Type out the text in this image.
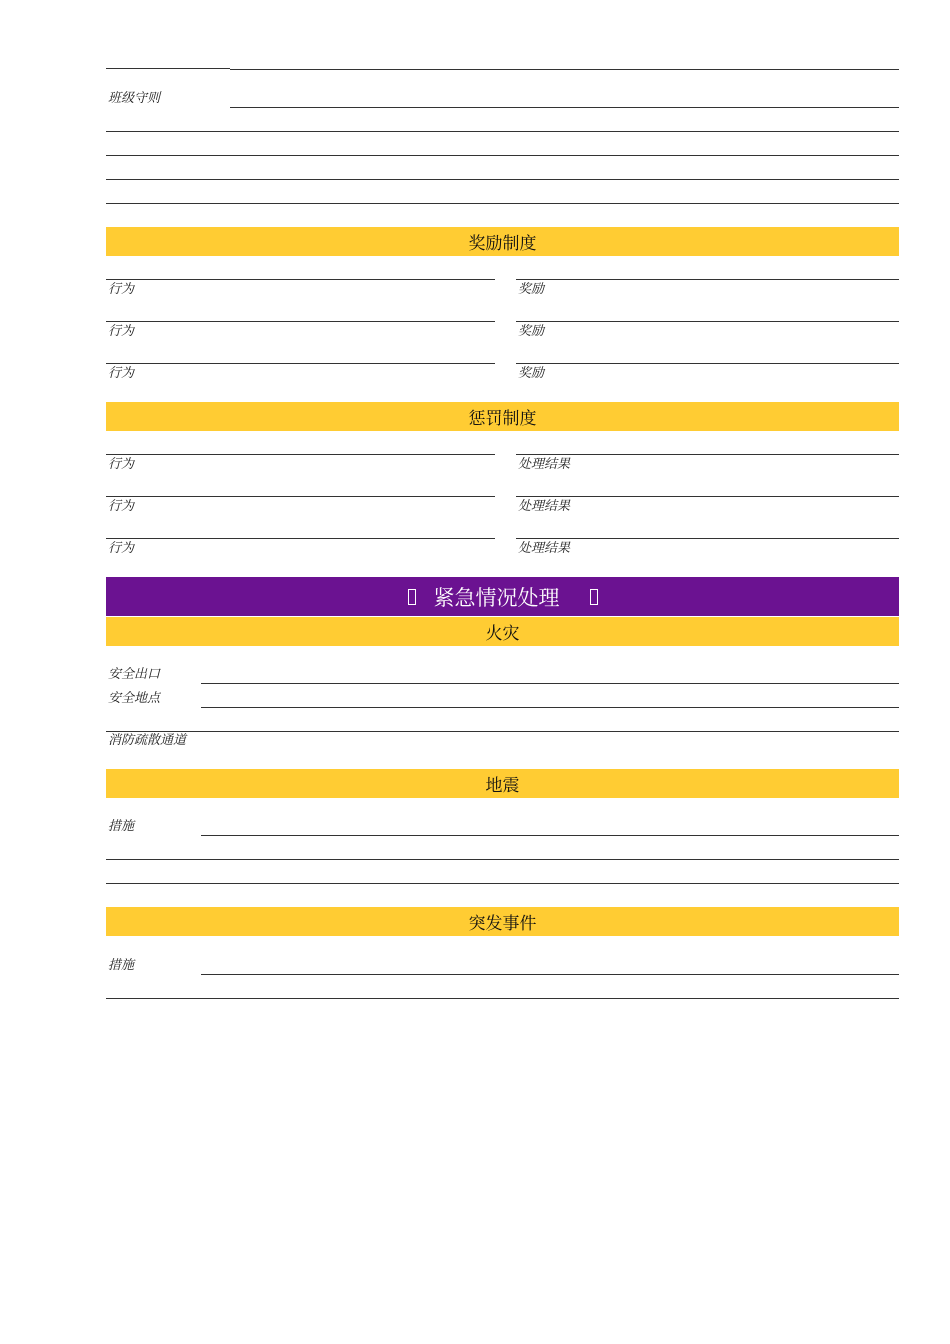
班级守则
奖励制度
行为	奖励
行为	奖励
行为	奖励
惩罚制度
行为	处理结果
行为	处理结果
行为	处理结果
紧急情况处理
火灾
安全出口
安全地点
消防疏散通道
地震
措施
突发事件
措施
